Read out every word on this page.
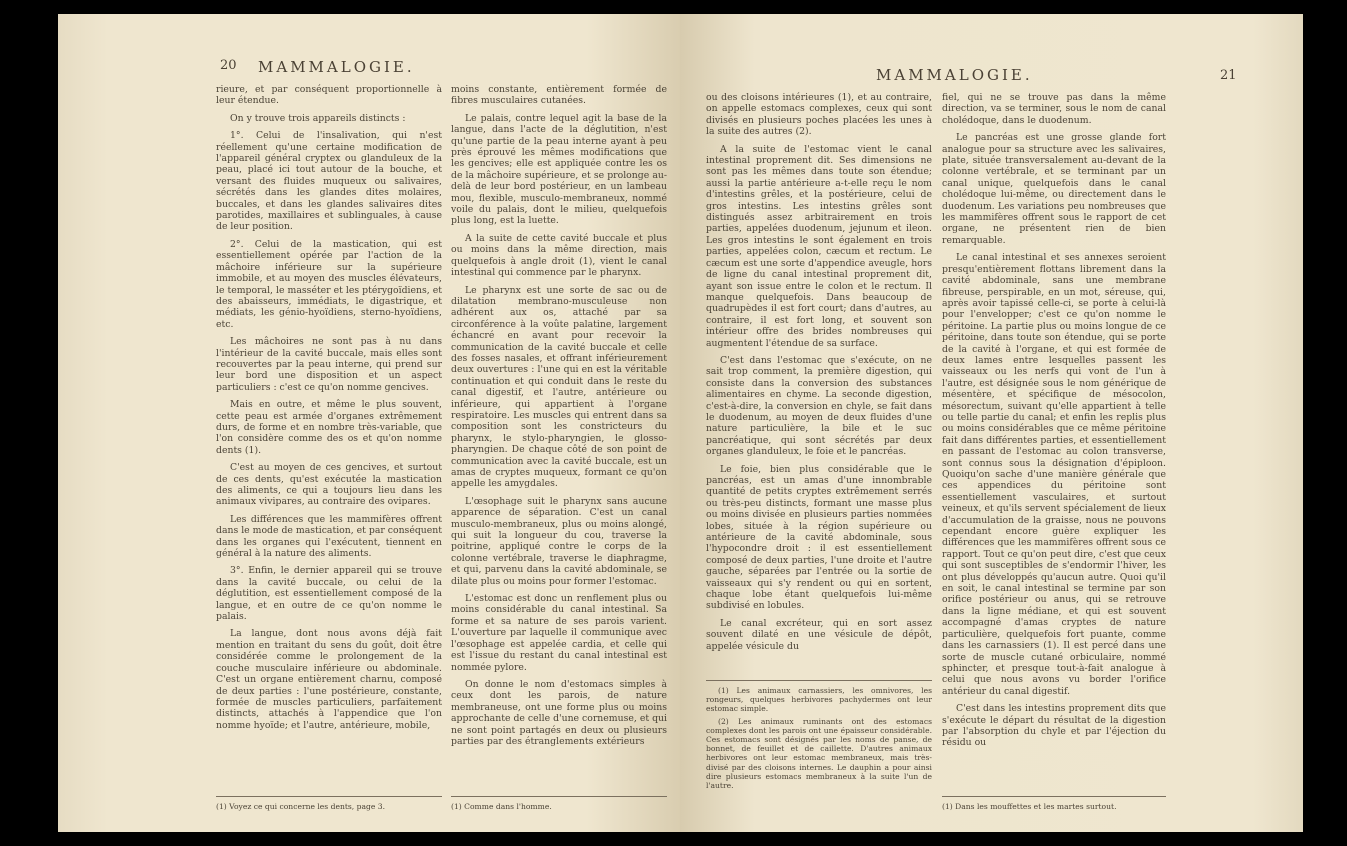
20 MAMMALOGIE.

rieure, et par conséquent proportionnelle à leur étendue.

On y trouve trois appareils distincts :

1°. Celui de l'insalivation, qui n'est réellement qu'une certaine modification de l'appareil général cryptex ou glanduleux de la peau, placé ici tout autour de la bouche, et versant des fluides muqueux ou salivaires, sécrétés dans les glandes dites molaires, buccales, et dans les glandes salivaires dites parotides, maxillaires et sublinguales, à cause de leur position.

2°. Celui de la mastication, qui est essentiellement opérée par l'action de la mâchoire inférieure sur la supérieure immobile, et au moyen des muscles élévateurs, le temporal, le masséter et les ptérygoïdiens, et des abaisseurs, immédiats, le digastrique, et médiats, les génio-hyoïdiens, sterno-hyoïdiens, etc.

Les mâchoires ne sont pas à nu dans l'intérieur de la cavité buccale, mais elles sont recouvertes par la peau interne, qui prend sur leur bord une disposition et un aspect particuliers : c'est ce qu'on nomme gencives.

Mais en outre, et même le plus souvent, cette peau est armée d'organes extrêmement durs, de forme et en nombre très-variable, que l'on considère comme des os et qu'on nomme dents (1).

C'est au moyen de ces gencives, et surtout de ces dents, qu'est exécutée la mastication des aliments, ce qui a toujours lieu dans les animaux vivipares, au contraire des ovipares.

Les différences que les mammifères offrent dans le mode de mastication, et par conséquent dans les organes qui l'exécutent, tiennent en général à la nature des aliments.

3°. Enfin, le dernier appareil qui se trouve dans la cavité buccale, ou celui de la déglutition, est essentiellement composé de la langue, et en outre de ce qu'on nomme le palais.

La langue, dont nous avons déjà fait mention en traitant du sens du goût, doit être considérée comme le prolongement de la couche musculaire inférieure ou abdominale. C'est un organe entièrement charnu, composé de deux parties : l'une postérieure, constante, formée de muscles particuliers, parfaitement distincts, attachés à l'appendice que l'on nomme hyoïde; et l'autre, antérieure, mobile,

(1) Voyez ce qui concerne les dents, page 3.

moins constante, entièrement formée de fibres musculaires cutanées.

Le palais, contre lequel agit la base de la langue, dans l'acte de la déglutition, n'est qu'une partie de la peau interne ayant à peu près éprouvé les mêmes modifications que les gencives; elle est appliquée contre les os de la mâchoire supérieure, et se prolonge au-delà de leur bord postérieur, en un lambeau mou, flexible, musculo-membraneux, nommé voile du palais, dont le milieu, quelquefois plus long, est la luette.

A la suite de cette cavité buccale et plus ou moins dans la même direction, mais quelquefois à angle droit (1), vient le canal intestinal qui commence par le pharynx.

Le pharynx est une sorte de sac ou de dilatation membrano-musculeuse non adhérent aux os, attaché par sa circonférence à la voûte palatine, largement échancré en avant pour recevoir la communication de la cavité buccale et celle des fosses nasales, et offrant inférieurement deux ouvertures : l'une qui en est la véritable continuation et qui conduit dans le reste du canal digestif, et l'autre, antérieure ou inférieure, qui appartient à l'organe respiratoire. Les muscles qui entrent dans sa composition sont les constricteurs du pharynx, le stylo-pharyngien, le glosso-pharyngien. De chaque côté de son point de communication avec la cavité buccale, est un amas de cryptes muqueux, formant ce qu'on appelle les amygdales.

L'œsophage suit le pharynx sans aucune apparence de séparation. C'est un canal musculo-membraneux, plus ou moins alongé, qui suit la longueur du cou, traverse la poitrine, appliqué contre le corps de la colonne vertébrale, traverse le diaphragme, et qui, parvenu dans la cavité abdominale, se dilate plus ou moins pour former l'estomac.

L'estomac est donc un renflement plus ou moins considérable du canal intestinal. Sa forme et sa nature de ses parois varient. L'ouverture par laquelle il communique avec l'œsophage est appelée cardia, et celle qui est l'issue du restant du canal intestinal est nommée pylore.

On donne le nom d'estomacs simples à ceux dont les parois, de nature membraneuse, ont une forme plus ou moins approchante de celle d'une cornemuse, et qui ne sont point partagés en deux ou plusieurs parties par des étranglements extérieurs

(1) Comme dans l'homme.
MAMMALOGIE.	21

ou des cloisons intérieures (1), et au contraire, on appelle estomacs complexes, ceux qui sont divisés en plusieurs poches placées les unes à la suite des autres (2).

A la suite de l'estomac vient le canal intestinal proprement dit. Ses dimensions ne sont pas les mêmes dans toute son étendue; aussi la partie antérieure a-t-elle reçu le nom d'intestins grêles, et la postérieure, celui de gros intestins. Les intestins grêles sont distingués assez arbitrairement en trois parties, appelées duodenum, jejunum et ileon. Les gros intestins le sont également en trois parties, appelées colon, cæcum et rectum. Le cæcum est une sorte d'appendice aveugle, hors de ligne du canal intestinal proprement dit, ayant son issue entre le colon et le rectum. Il manque quelquefois. Dans beaucoup de quadrupèdes il est fort court; dans d'autres, au contraire, il est fort long, et souvent son intérieur offre des brides nombreuses qui augmentent l'étendue de sa surface.

C'est dans l'estomac que s'exécute, on ne sait trop comment, la première digestion, qui consiste dans la conversion des substances alimentaires en chyme. La seconde digestion, c'est-à-dire, la conversion en chyle, se fait dans le duodenum, au moyen de deux fluides d'une nature particulière, la bile et le suc pancréatique, qui sont sécrétés par deux organes glanduleux, le foie et le pancréas.

Le foie, bien plus considérable que le pancréas, est un amas d'une innombrable quantité de petits cryptes extrêmement serrés ou très-peu distincts, formant une masse plus ou moins divisée en plusieurs parties nommées lobes, située à la région supérieure ou antérieure de la cavité abdominale, sous l'hypocondre droit : il est essentiellement composé de deux parties, l'une droite et l'autre gauche, séparées par l'entrée ou la sortie de vaisseaux qui s'y rendent ou qui en sortent, chaque lobe étant quelquefois lui-même subdivisé en lobules.

Le canal excréteur, qui en sort assez souvent dilaté en une vésicule de dépôt, appelée vésicule du

(1) Les animaux carnassiers, les omnivores, les rongeurs, quelques herbivores pachydermes ont leur estomac simple.

(2) Les animaux ruminants ont des estomacs complexes dont les parois ont une épaisseur considérable. Ces estomacs sont désignés par les noms de panse, de bonnet, de feuillet et de caillette. D'autres animaux herbivores ont leur estomac membraneux, mais très-divisé par des cloisons internes. Le dauphin a pour ainsi dire plusieurs estomacs membraneux à la suite l'un de l'autre.

fiel, qui ne se trouve pas dans la même direction, va se terminer, sous le nom de canal cholédoque, dans le duodenum.

Le pancréas est une grosse glande fort analogue pour sa structure avec les salivaires, plate, située transversalement au-devant de la colonne vertébrale, et se terminant par un canal unique, quelquefois dans le canal cholédoque lui-même, ou directement dans le duodenum. Les variations peu nombreuses que les mammifères offrent sous le rapport de cet organe, ne présentent rien de bien remarquable.

Le canal intestinal et ses annexes seroient presqu'entièrement flottans librement dans la cavité abdominale, sans une membrane fibreuse, perspirable, en un mot, séreuse, qui, après avoir tapissé celle-ci, se porte à celui-là pour l'envelopper; c'est ce qu'on nomme le péritoine. La partie plus ou moins longue de ce péritoine, dans toute son étendue, qui se porte de la cavité à l'organe, et qui est formée de deux lames entre lesquelles passent les vaisseaux ou les nerfs qui vont de l'un à l'autre, est désignée sous le nom générique de mésentère, et spécifique de mésocolon, mésorectum, suivant qu'elle appartient à telle ou telle partie du canal; et enfin les replis plus ou moins considérables que ce même péritoine fait dans différentes parties, et essentiellement en passant de l'estomac au colon transverse, sont connus sous la désignation d'épiploon. Quoiqu'on sache d'une manière générale que ces appendices du péritoine sont essentiellement vasculaires, et surtout veineux, et qu'ils servent spécialement de lieux d'accumulation de la graisse, nous ne pouvons cependant encore guère expliquer les différences que les mammifères offrent sous ce rapport. Tout ce qu'on peut dire, c'est que ceux qui sont susceptibles de s'endormir l'hiver, les ont plus développés qu'aucun autre. Quoi qu'il en soit, le canal intestinal se termine par son orifice postérieur ou anus, qui se retrouve dans la ligne médiane, et qui est souvent accompagné d'amas cryptes de nature particulière, quelquefois fort puante, comme dans les carnassiers (1). Il est percé dans une sorte de muscle cutané orbiculaire, nommé sphincter, et presque tout-à-fait analogue à celui que nous avons vu border l'orifice antérieur du canal digestif.

C'est dans les intestins proprement dits que s'exécute le départ du résultat de la digestion par l'absorption du chyle et par l'éjection du résidu ou

(1) Dans les mouffettes et les martes surtout.
